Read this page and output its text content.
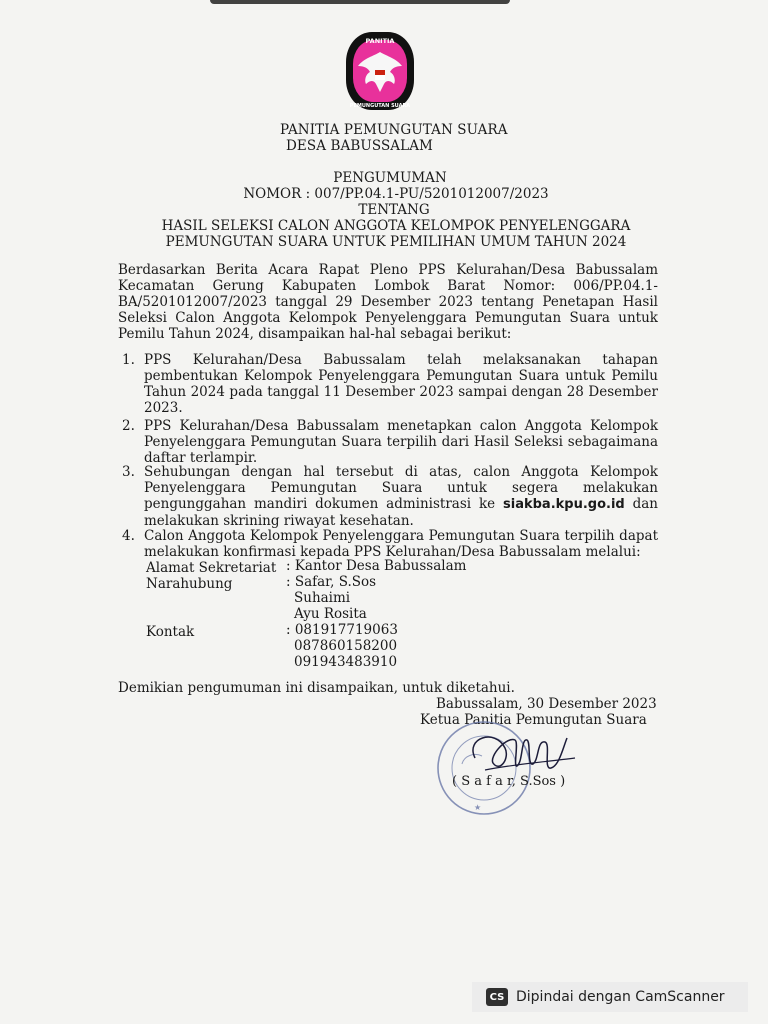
PANITIA
PEMUNGUTAN SUARA
PANITIA PEMUNGUTAN SUARA
DESA BABUSSALAM
PENGUMUMAN
NOMOR : 007/PP.04.1-PU/5201012007/2023
TENTANG
HASIL SELEKSI CALON ANGGOTA KELOMPOK PENYELENGGARA
PEMUNGUTAN SUARA UNTUK PEMILIHAN UMUM TAHUN 2024
Berdasarkan Berita Acara Rapat Pleno PPS Kelurahan/Desa Babussalam Kecamatan Gerung Kabupaten Lombok Barat Nomor: 006/PP.04.1-BA/5201012007/2023 tanggal 29 Desember 2023 tentang Penetapan Hasil Seleksi Calon Anggota Kelompok Penyelenggara Pemungutan Suara untuk Pemilu Tahun 2024, disampaikan hal-hal sebagai berikut:
1. PPS Kelurahan/Desa Babussalam telah melaksanakan tahapan pembentukan Kelompok Penyelenggara Pemungutan Suara untuk Pemilu Tahun 2024 pada tanggal 11 Desember 2023 sampai dengan 28 Desember 2023.
2. PPS Kelurahan/Desa Babussalam menetapkan calon Anggota Kelompok Penyelenggara Pemungutan Suara terpilih dari Hasil Seleksi sebagaimana daftar terlampir.
3. Sehubungan dengan hal tersebut di atas, calon Anggota Kelompok Penyelenggara Pemungutan Suara untuk segera melakukan pengunggahan mandiri dokumen administrasi ke siakba.kpu.go.id dan melakukan skrining riwayat kesehatan.
4. Calon Anggota Kelompok Penyelenggara Pemungutan Suara terpilih dapat melakukan konfirmasi kepada PPS Kelurahan/Desa Babussalam melalui:
Alamat Sekretariat : Kantor Desa Babussalam
Narahubung	: Safar, S.Sos
Suhaimi
Ayu Rosita
Kontak	: 081917719063
087860158200
091943483910
Demikian pengumuman ini disampaikan, untuk diketahui.
Babussalam, 30 Desember 2023
Ketua Panitia Pemungutan Suara
★
( S a f a r, S.Sos )
CS Dipindai dengan CamScanner
